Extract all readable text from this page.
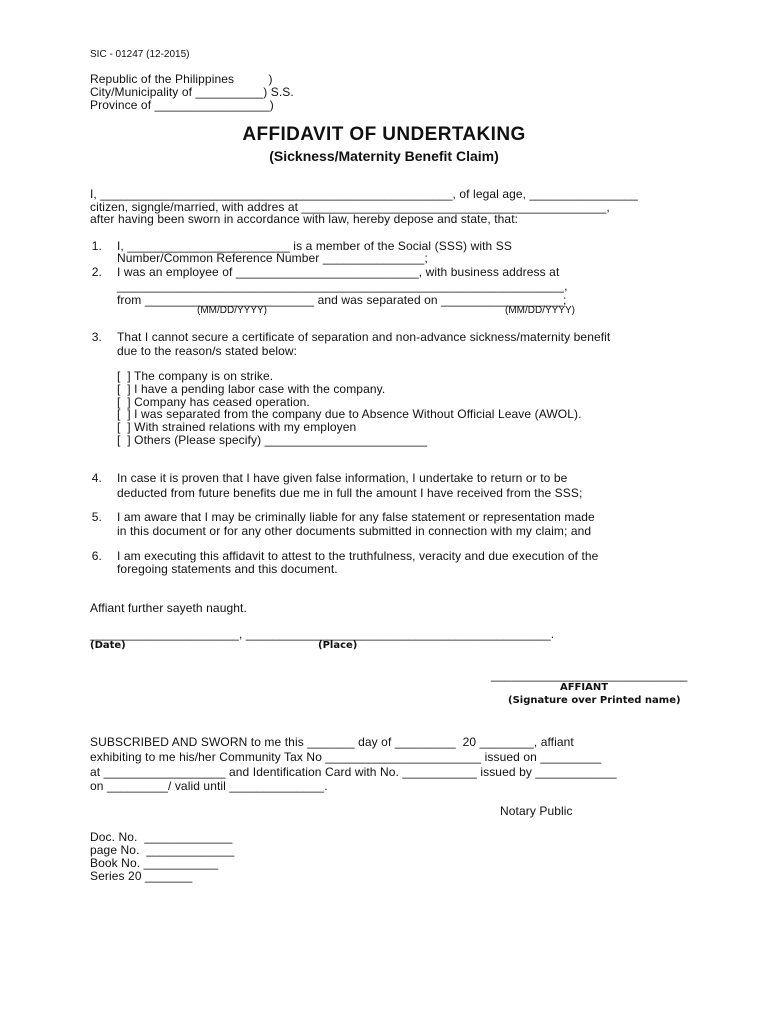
SIC - 01247 (12-2015)
Republic of the Philippines          )
City/Municipality of __________) S.S.
Province of _________________)
AFFIDAVIT OF UNDERTAKING
(Sickness/Maternity Benefit Claim)
I, ____________________________________________________, of legal age, ________________
citizen, signgle/married, with addres at _____________________________________________,
after having been sworn in accordance with law, hereby depose and state, that:
1. I, ________________________ is a member of the Social (SSS) with SS
Number/Common Reference Number _______________;
2. I was an employee of ___________________________, with business address at
__________________________________________________________________,
from _________________________ and was separated on __________________;
(MM/DD/YYYY)	(MM/DD/YYYY)
3. That I cannot secure a certificate of separation and non-advance sickness/maternity benefit
due to the reason/s stated below:
[  ] The company is on strike.
[  ] I have a pending labor case with the company.
[  ] Company has ceased operation.
[  ] I was separated from the company due to Absence Without Official Leave (AWOL).
[  ] With strained relations with my employen
[  ] Others (Please specify) ________________________
4. In case it is proven that I have given false information, I undertake to return or to be
deducted from future benefits due me in full the amount I have received from the SSS;
5. I am aware that I may be criminally liable for any false statement or representation made
in this document or for any other documents submitted in connection with my claim; and
6. I am executing this affidavit to attest to the truthfulness, veracity and due execution of the
foregoing statements and this document.
Affiant further sayeth naught.
______________________, _____________________________________________.
(Date)	(Place)
_____________________________
AFFIANT
(Signature over Printed name)
SUBSCRIBED AND SWORN to me this _______ day of _________  20 ________, affiant
exhibiting to me his/her Community Tax No _______________________ issued on _________
at __________________ and Identification Card with No. ___________ issued by ____________
on _________/ valid until ______________.
Notary Public
Doc. No.  _____________
page No.  _____________
Book No. ___________
Series 20 _______
